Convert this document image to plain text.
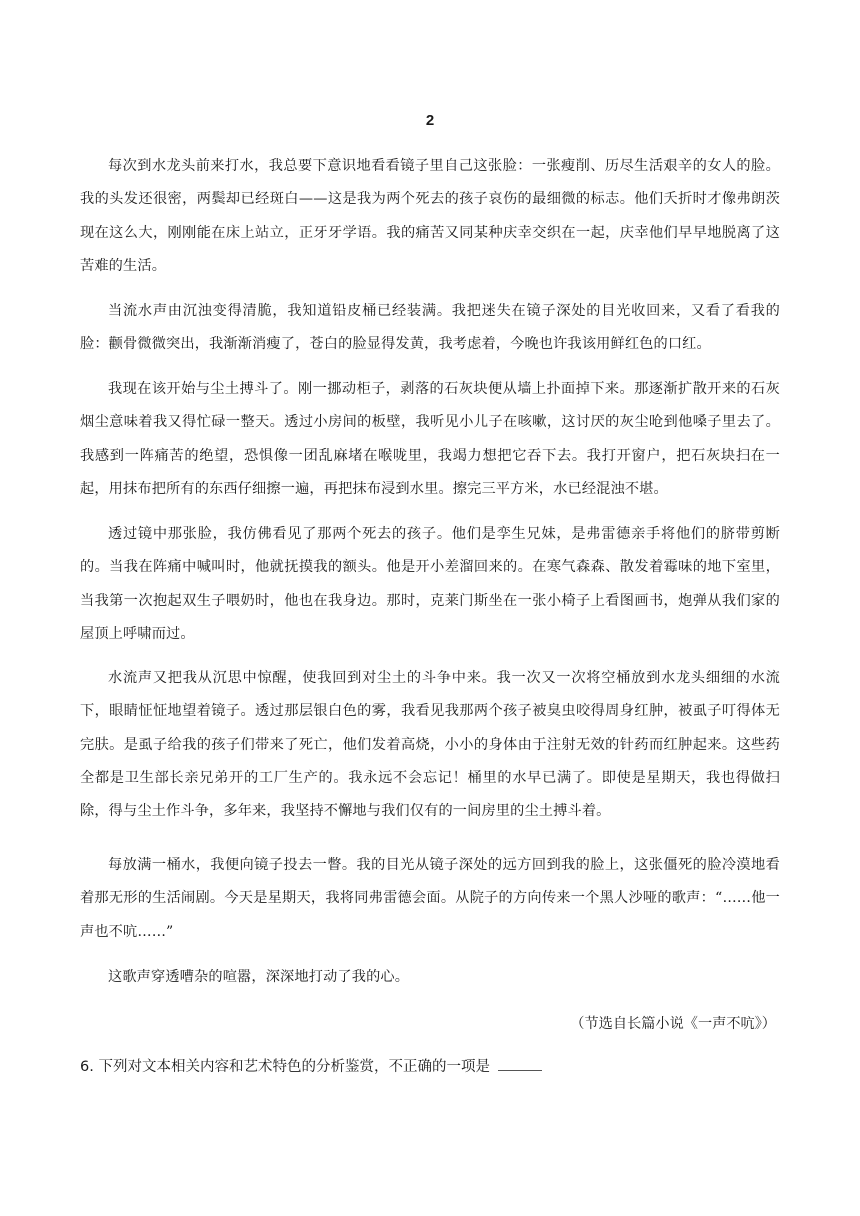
2

每次到水龙头前来打水，我总要下意识地看看镜子里自己这张脸：一张瘦削、历尽生活艰辛的女人的脸。我的头发还很密，两鬓却已经斑白——这是我为两个死去的孩子哀伤的最细微的标志。他们夭折时才像弗朗茨现在这么大，刚刚能在床上站立，正牙牙学语。我的痛苦又同某种庆幸交织在一起，庆幸他们早早地脱离了这苦难的生活。

当流水声由沉浊变得清脆，我知道铅皮桶已经装满。我把迷失在镜子深处的目光收回来，又看了看我的脸：颧骨微微突出，我渐渐消瘦了，苍白的脸显得发黄，我考虑着，今晚也许我该用鲜红色的口红。

我现在该开始与尘土搏斗了。刚一挪动柜子，剥落的石灰块便从墙上扑面掉下来。那逐渐扩散开来的石灰烟尘意味着我又得忙碌一整天。透过小房间的板壁，我听见小儿子在咳嗽，这讨厌的灰尘呛到他嗓子里去了。我感到一阵痛苦的绝望，恐惧像一团乱麻堵在喉咙里，我竭力想把它吞下去。我打开窗户，把石灰块扫在一起，用抹布把所有的东西仔细擦一遍，再把抹布浸到水里。擦完三平方米，水已经混浊不堪。

透过镜中那张脸，我仿佛看见了那两个死去的孩子。他们是孪生兄妹，是弗雷德亲手将他们的脐带剪断的。当我在阵痛中喊叫时，他就抚摸我的额头。他是开小差溜回来的。在寒气森森、散发着霉味的地下室里，当我第一次抱起双生子喂奶时，他也在我身边。那时，克莱门斯坐在一张小椅子上看图画书，炮弹从我们家的屋顶上呼啸而过。

水流声又把我从沉思中惊醒，使我回到对尘土的斗争中来。我一次又一次将空桶放到水龙头细细的水流下，眼睛怔怔地望着镜子。透过那层银白色的雾，我看见我那两个孩子被臭虫咬得周身红肿，被虱子叮得体无完肤。是虱子给我的孩子们带来了死亡，他们发着高烧，小小的身体由于注射无效的针药而红肿起来。这些药全都是卫生部长亲兄弟开的工厂生产的。我永远不会忘记！桶里的水早已满了。即使是星期天，我也得做扫除，得与尘土作斗争，多年来，我坚持不懈地与我们仅有的一间房里的尘土搏斗着。

每放满一桶水，我便向镜子投去一瞥。我的目光从镜子深处的远方回到我的脸上，这张僵死的脸冷漠地看着那无形的生活闹剧。今天是星期天，我将同弗雷德会面。从院子的方向传来一个黑人沙哑的歌声：“……他一声也不吭……”

这歌声穿透嘈杂的喧嚣，深深地打动了我的心。

（节选自长篇小说《一声不吭》）

6. 下列对文本相关内容和艺术特色的分析鉴赏，不正确的一项是
